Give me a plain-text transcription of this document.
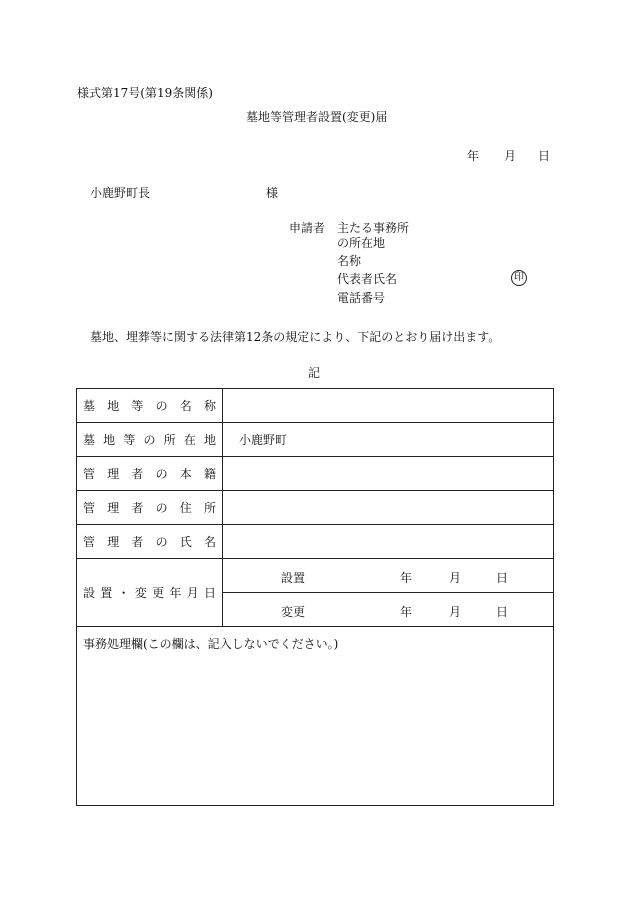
様式第17号(第19条関係)
墓地等管理者設置(変更)届
年 月 日
小鹿野町長	様
申請者 主たる事務所
の所在地
名称
代表者氏名	印
電話番号
墓地、埋葬等に関する法律第12条の規定により、下記のとおり届け出ます。
記
墓地等の名称	
墓地等の所在地	小鹿野町
管理者の本籍	
管理者の住所	
管理者の氏名	
設置・変更年月日	設置 年 月 日

	変更 年 月 日

事務処理欄(この欄は、記入しないでください。)	
